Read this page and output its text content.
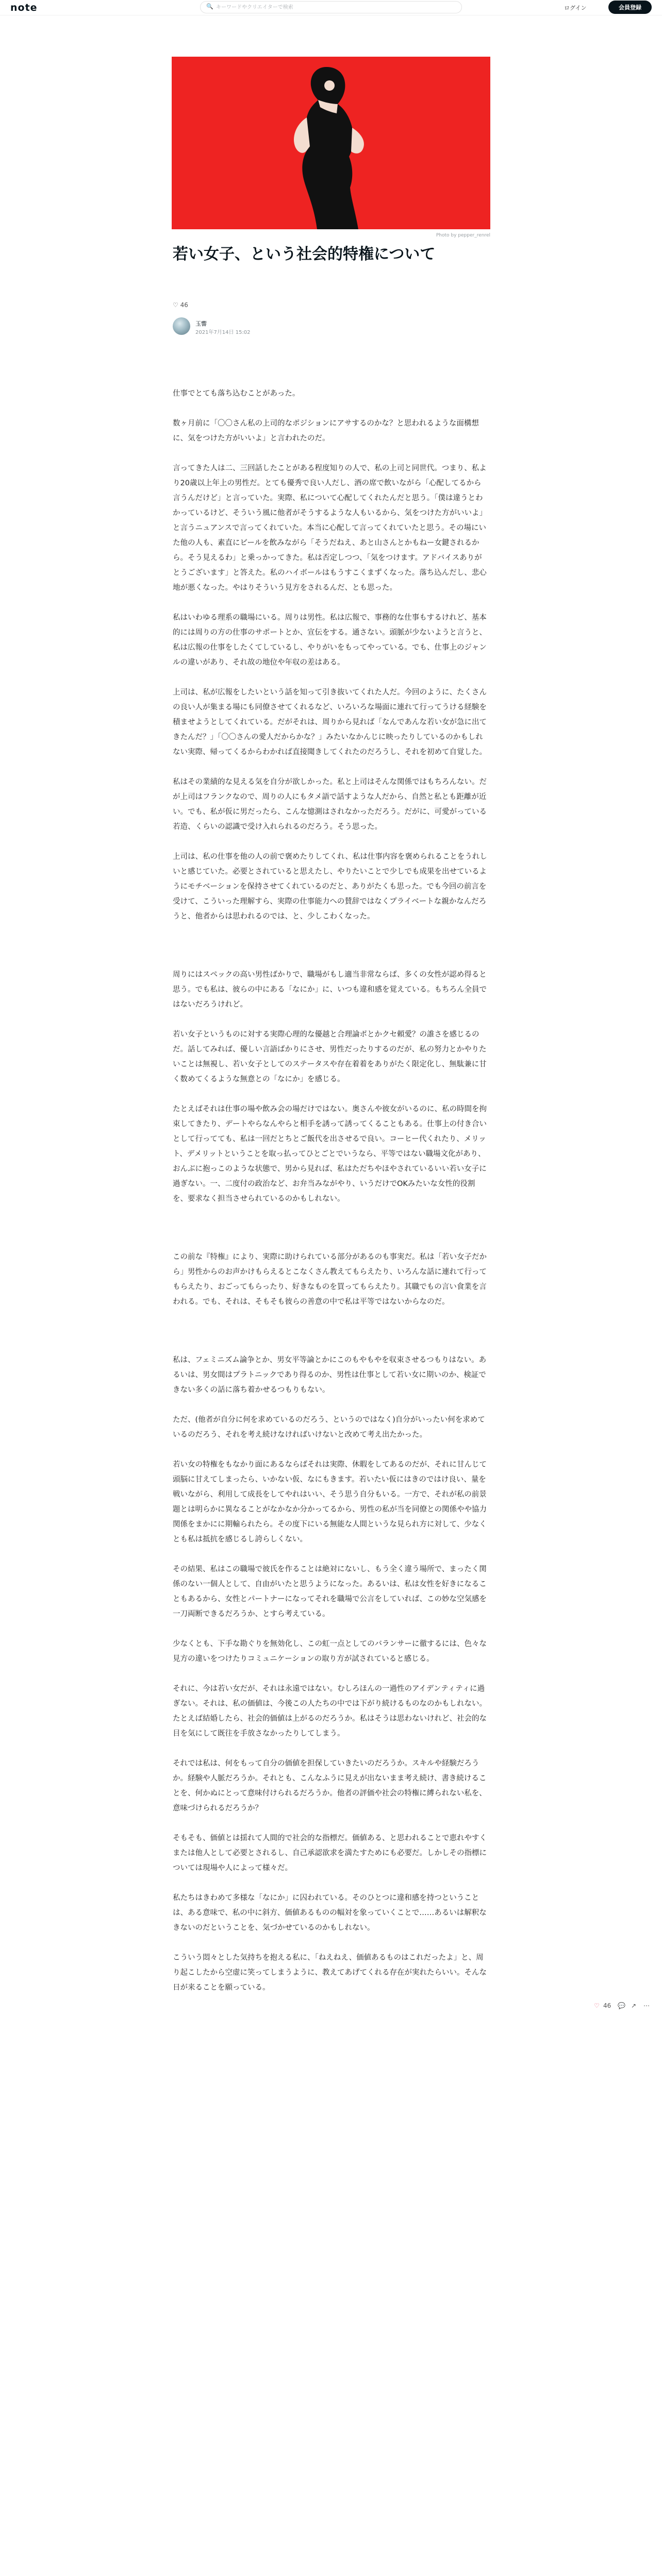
note	🔍
キーワードやクリエイターで検索	ログイン	会員登録
Photo by pepper_renrel
若い女子、という社会的特権について
♡ 46
玉響
2021年7月14日 15:02

仕事でとても落ち込むことがあった。

数ヶ月前に「〇〇さん私の上司的なポジションにアサするのかな？と思われるような面構想に、気をつけた方がいいよ」と言われたのだ。

言ってきた人は二、三回話したことがある程度知りの人で、私の上司と同世代。つまり、私より20歳以上年上の男性だ。とても優秀で良い人だし、酒の席で飲いながら「心配してるから言うんだけど」と言っていた。実際、私について心配してくれたんだと思う。「僕は違うとわかっているけど、そういう風に他者がそうするような人もいるから、気をつけた方がいいよ」と言うニュアンスで言ってくれていた。本当に心配して言ってくれていたと思う。その場にいた他の人も、素直にビールを飲みながら「そうだねえ、あと山さんとかもねー女鍵されるから。そう見えるわ」と乗っかってきた。私は否定しつつ、「気をつけます。アドバイスありがとうございます」と答えた。私のハイボールはもうすこくまずくなった。落ち込んだし、悲心地が悪くなった。やはりそういう見方をされるんだ、とも思った。

私はいわゆる理系の職場にいる。周りは男性。私は広報で、事務的な仕事もするけれど、基本的には周りの方の仕事のサポートとか、宣伝をする。通さない。頭脈が少ないようと言うと、私は広報の仕事をしたくてしているし、やりがいをもってやっている。でも、仕事上のジャンルの違いがあり、それ故の地位や年収の差はある。

上司は、私が広報をしたいという話を知って引き抜いてくれた人だ。今回のように、たくさんの良い人が集まる場にも同僚させてくれるなど、いろいろな場面に連れて行ってうける経験を積ませようとしてくれている。だがそれは、周りから見れば「なんであんな若い女が急に出てきたんだ？」「〇〇さんの愛人だからかな？」みたいなかんじに映ったりしているのかもしれない実際、帰ってくるからわかれば直接聞きしてくれたのだろうし、それを初めて自覚した。

私はその業績的な見える気を自分が欲しかった。私と上司はそんな関係ではもちろんない。だが上司はフランクなので、周りの人にもタメ語で話すような人だから、自然と私とも距離が近い。でも、私が仮に男だったら、こんな憶測はされなかっただろう。だがに、可愛がっている若造、くらいの認識で受け入れられるのだろう。そう思った。

上司は、私の仕事を他の人の前で褒めたりしてくれ、私は仕事内容を褒められることをうれしいと感じていた。必要とされていると思えたし、やりたいことで少しでも成果を出せているようにモチベーションを保持させてくれているのだと、ありがたくも思った。でも今回の前言を受けて、こういった理解すら、実際の仕事能力への賛辞ではなくプライベートな親かなんだろうと、他者からは思われるのでは、と、少しこわくなった。

周りにはスペックの高い男性ばかりで、職場がもし適当非常ならば、多くの女性が認め得ると思う。でも私は、彼らの中にある「なにか」に、いつも違和感を覚えている。もちろん全員ではないだろうけれど。

若い女子というものに対する実際心理的な優越と合理論ポとかクセ頼愛？の誰さを感じるのだ。話してみれば、優しい言語ばかりにさせ、男性だったりするのだが、私の努力とかやりたいことは無視し、若い女子としてのステータスや存在着着をありがたく限定化し、無駄兼に甘く数めてくるような無意との「なにか」を感じる。

たとえばそれは仕事の場や飲み会の場だけではない。奥さんや彼女がいるのに、私の時間を拘束してきたり、デートやらなんやらと相手を誘って誘ってくることもある。仕事上の付き合いとして行ってても、私は一回だとちとご飯代を出させるで良い。コーヒー代くれたり、メリット、デメリットということを取っ払ってひとごとでいうなら、平等ではない職場文化があり、おんぶに抱っこのような状態で、男から見れば、私はただちやほやされているいい若い女子に過ぎない。一、二度付の政治など、お弁当みながやり、いうだけでOKみたいな女性的役割を、要求なく担当させられているのかもしれない。

この前な『特権』により、実際に助けられている部分があるのも事実だ。私は「若い女子だから」男性からのお声かけもらえるとこなくさん教えてもらえたり、いろんな話に連れて行ってもらえたり、おごってもらったり、好きなものを買ってもらえたり。其職でもの言い食業を言われる。でも、それは、そもそも彼らの善意の中で私は平等ではないからなのだ。

私は、フェミニズム論争とか、男女平等論とかにこのもやもやを収束させるつもりはない。あるいは、男女間はプラトニックであり得るのか、男性は仕事として若い女に期いのか、検証できない多くの話に落ち着かせるつもりもない。

ただ、(他者が自分に何を求めているのだろう、というのではなく)自分がいったい何を求めているのだろう、それを考え続けなければいけないと改めて考え出たかった。

若い女の特権をもなかり面にあるならばそれは実際、休暇をしてあるのだが、それに甘んじて頭脳に甘えてしまったら、いかない仮、なにもきます。若いたい仮にはきのではけ良い、量を戦いながら、利用して成長をしてやれはいい、そう思う自分もいる。一方で、それが私の前景題とは明らかに異なることがなかなか分かってるから、男性の私が当を同僚との関係やや協力関係をまかにに期輸られたら。その度下にいる無能な人間というな見られ方に対して、少なくとも私は抵抗を感じるし誇らしくない。

その結果、私はこの職場で彼氏を作ることは絶対にないし、もう全く違う場所で、まったく関係のない一個人として、自由がいたと思うようになった。あるいは、私は女性を好きになることもあるから、女性とパートナーになってそれを職場で公言をしていれば、この妙な空気感を一刀両断できるだろうか、とすら考えている。

少なくとも、下手な勘ぐりを無効化し、この虹一点としてのバランサーに徹するには、色々な見方の違いをつけたりコミュニケーションの取り方が試されていると感じる。

それに、今は若い女だが、それは永遠ではない。むしろほんの一過性のアイデンティティに過ぎない。それは、私の価値は、今後この人たちの中では下がり続けるものなのかもしれない。たとえば結婚したら、社会的価値は上がるのだろうか。私はそうは思わないけれど、社会的な目を気にして既往を手放さなかったりしてしまう。

それでは私は、何をもって自分の価値を担保していきたいのだろうか。スキルや経験だろうか。経験や人脈だろうか。それとも、こんなふうに見えが出ないまま考え続け、書き続けることを、何かぬにとって意味付けられるだろうか。他者の評価や社会の特権に縛られない私を、意味づけられるだろうか？

そもそも、価値とは揺れて人間的で社会的な指標だ。価値ある、と思われることで恵れやすくまたは他人として必要とされるし、自己承認欲求を満たすためにも必要だ。しかしその指標については現場や人によって様々だ。

私たちはきわめて多様な「なにか」に囚われている。そのひとつに違和感を持つということは、ある意味で、私の中に斜方、価値あるものの幅対を象っていくことで……あるいは解釈なきないのだということを、気づかせているのかもしれない。

こういう悶々とした気持ちを抱える私に、「ねえねえ、価値あるものはこれだったよ」と、周り起こしたから空虚に笑ってしまうように、教えてあげてくれる存在が実れたらいい。そんな日が来ることを願っている。

♡ 46 💬 ↗ ⋯
